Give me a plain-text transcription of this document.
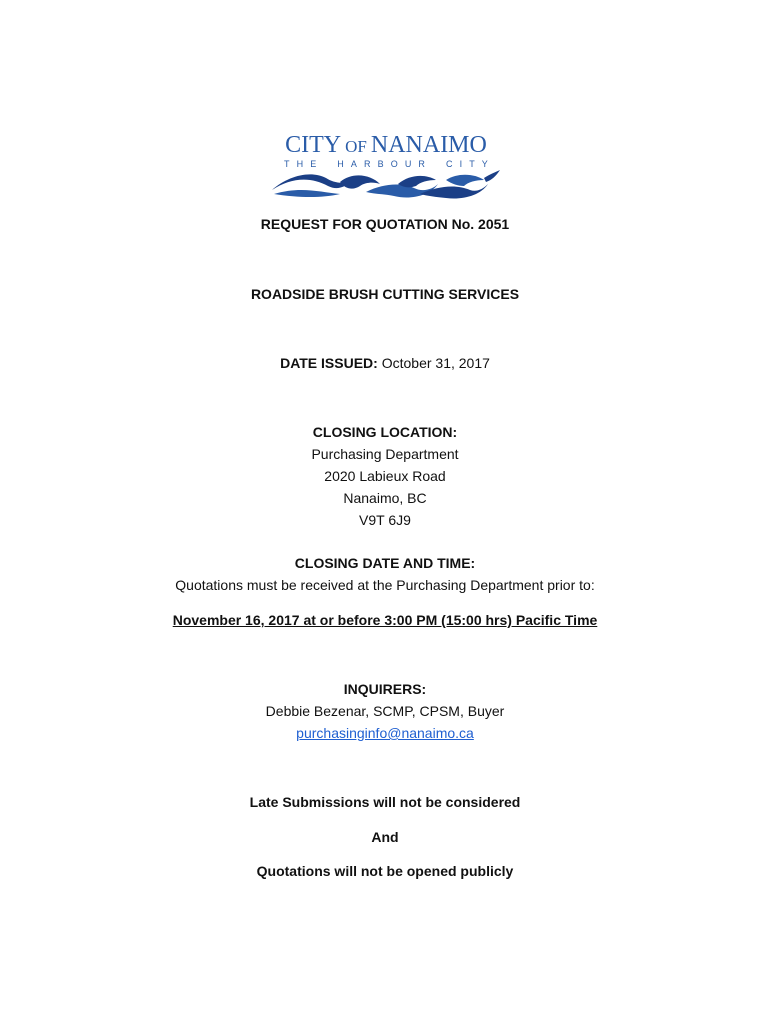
CITY OF NANAIMO
T H E H A R B O U R C I T Y
REQUEST FOR QUOTATION No. 2051
ROADSIDE BRUSH CUTTING SERVICES
DATE ISSUED: October 31, 2017
CLOSING LOCATION:
Purchasing Department
2020 Labieux Road
Nanaimo, BC
V9T 6J9
CLOSING DATE AND TIME:
Quotations must be received at the Purchasing Department prior to:
November 16, 2017 at or before 3:00 PM (15:00 hrs) Pacific Time
INQUIRERS:
Debbie Bezenar, SCMP, CPSM, Buyer
purchasinginfo@nanaimo.ca
Late Submissions will not be considered
And
Quotations will not be opened publicly
